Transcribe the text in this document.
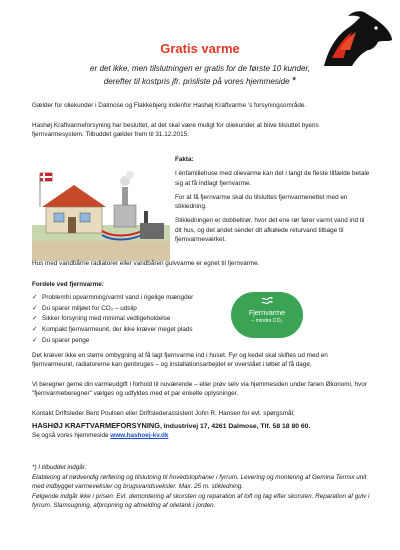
Gratis varme
er det ikke, men tilslutningen er gratis for de første 10 kunder,
derefter til kostpris jfr. prisliste på vores hjemmeside *
Gælder for oliekunder i Dalmose og Flakkebjerg indenfor Hashøj Kraftvarme ’s forsyningsområde.
Hashøj Kraftvarmeforsyning har besluttet, at det skal være muligt for oliekunder at blive tilsluttet byens fjernvarmesystem. Tilbuddet gælder frem til 31.12.2015.
Fakta:
I énfamiliehuse med olievarme kan det i langt de fleste tilfælde betale sig at få indlagt fjernvarme.
For at få fjernvarme skal du tilsluttes fjernvarmenettet med en stikledning.
Stikledningen er dobbeltrør, hvor det ene rør fører varmt vand ind til dit hus, og det andet sender dit afkølede returvand tilbage til fjernvarmeværket.
Hus med vandbårne radiatorer eller vandbåren gulvvarme er egnet til fjernvarme.
Fordele ved fjernvarme:
✓ Problemfri opvarmning/varmt vand i rigelige mængder
✓ Du sparer miljøet for CO₂ – udslip
✓ Sikker forsyning med minimal vedligeholdelse
✓ Kompakt fjernvarmeunit, der ikke kræver meget plads
✓ Du sparer penge
Fjernvarme
– mindre CO₂
Det kræver ikke en større ombygning at få lagt fjernvarme ind i huset. Fyr og kedel skal skiftes ud med en fjernvarmeunit, radiatorerne kan genbruges – og installationsarbejdet er overstået i løbet af få dage.
Vi beregner gerne din varmeudgift i forhold til nuværende – eller prøv selv via hjemmesiden under fanen Økonomi, hvor "fjernvarmeberegner" vælges og udfyldes med et par enkelte oplysninger.
Kontakt Driftsleder Bent Poulsen eller Driftslederassistent John R. Hansen for evt. spørgsmål;
HASHØJ KRAFTVARMEFORSYNING, Industrivej 17, 4261 Dalmose, Tlf. 58 18 80 60.
Se også vores hjemmeside www.hashoej-kv.dk
*) I tilbuddet indgår:
Etablering af nødvendig rørføring og tilslutning til hovedstophaner i fyrrum. Levering og montering af Gemina Termix unit med indbygget varmeveksler og brugsvandsveksler. Max. 25 m. stikledning.
Følgende indgår ikke i prisen: Evt. demontering af skorsten og reparation af loft og tag efter skorsten. Reparation af gulv i fyrrum. Slamsugning, afpropning og afmelding af olietank i jorden.
